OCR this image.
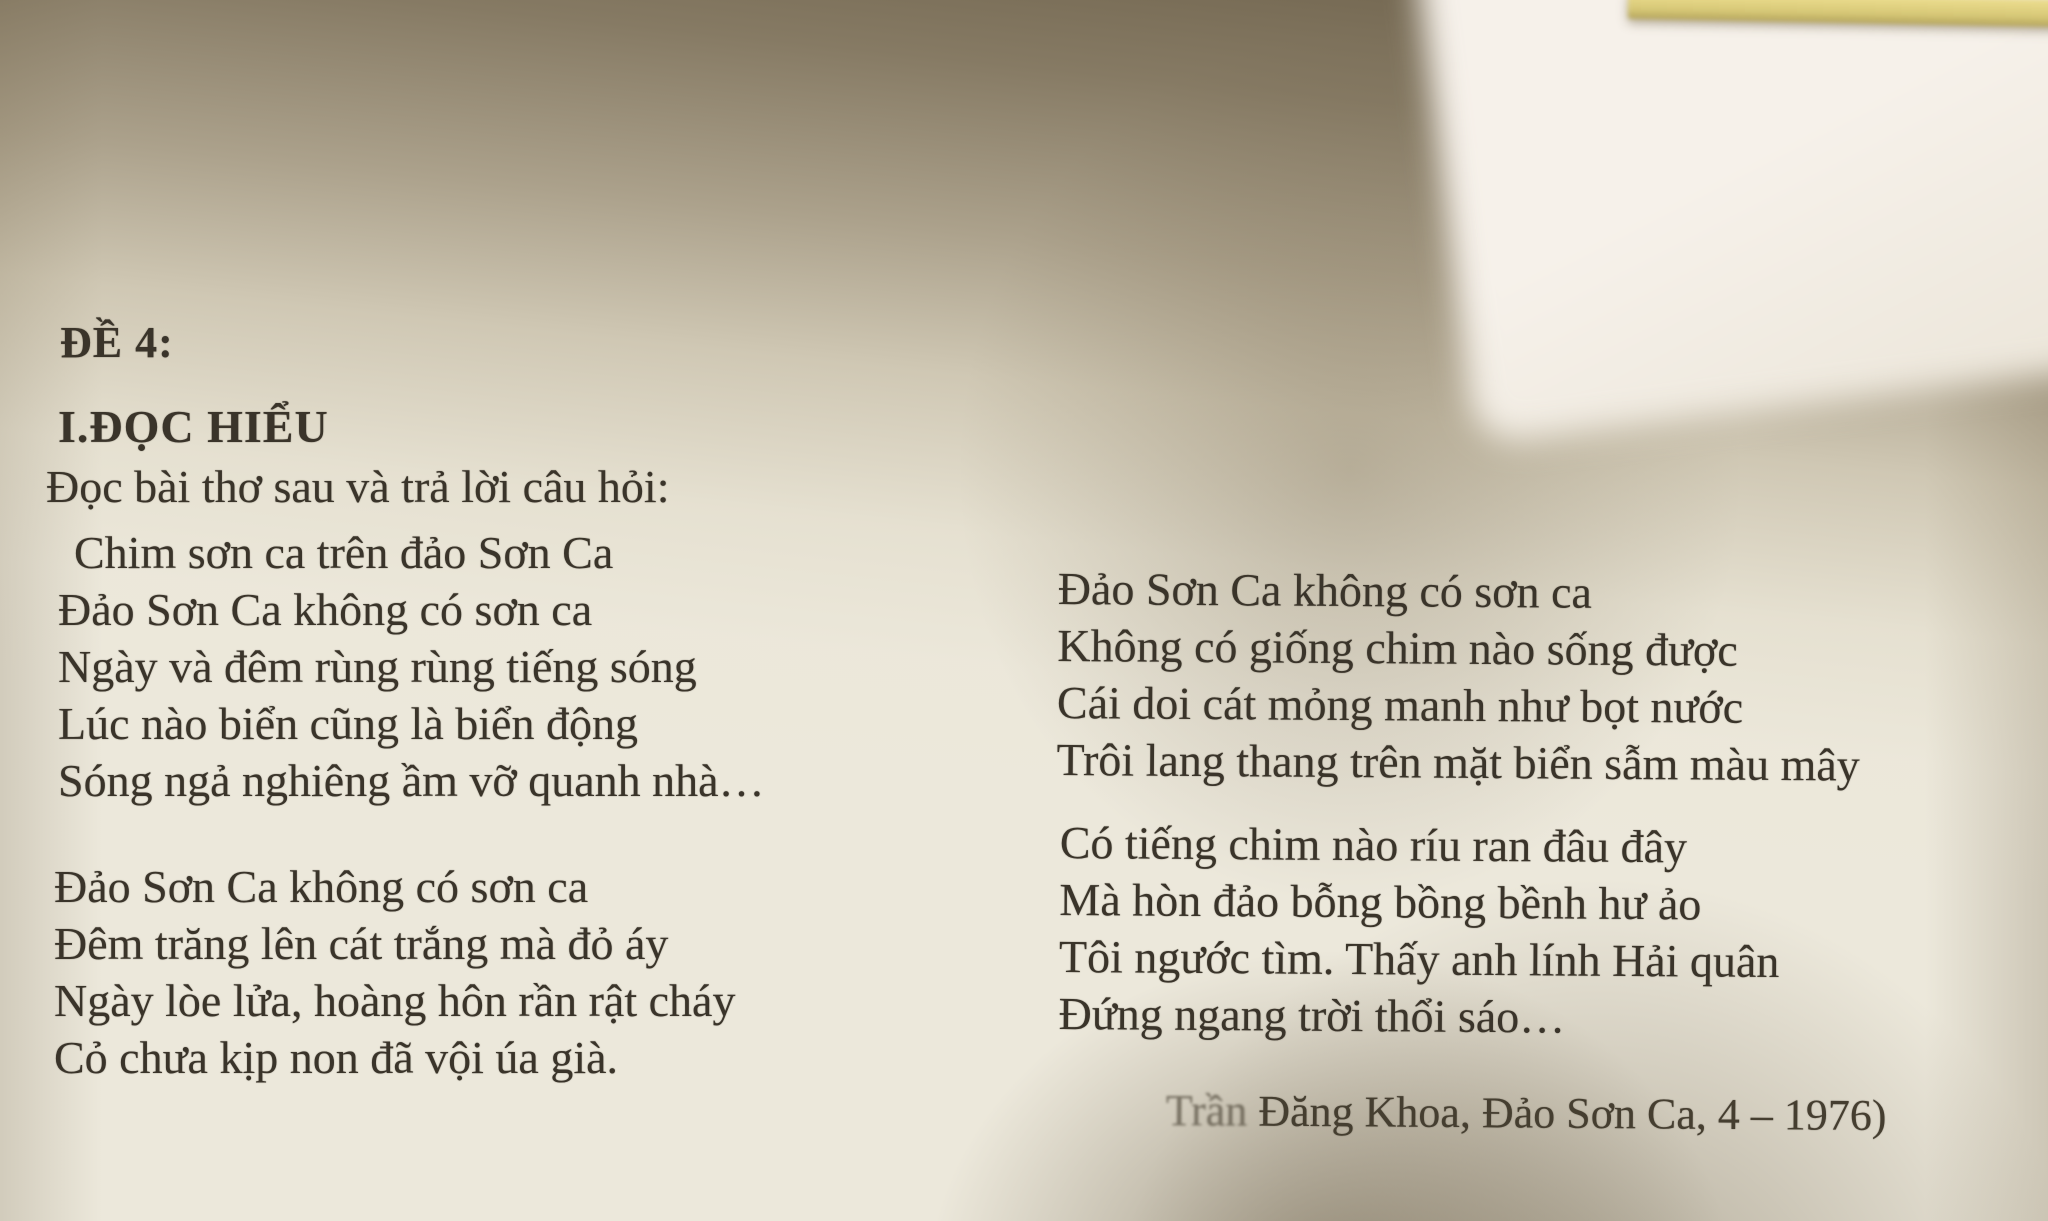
ĐỀ 4:
I.ĐỌC HIỂU
Đọc bài thơ sau và trả lời câu hỏi:
Chim sơn ca trên đảo Sơn Ca
Đảo Sơn Ca không có sơn ca
Ngày và đêm rùng rùng tiếng sóng
Lúc nào biển cũng là biển động
Sóng ngả nghiêng ầm vỡ quanh nhà…
Đảo Sơn Ca không có sơn ca
Đêm trăng lên cát trắng mà đỏ áy
Ngày lòe lửa, hoàng hôn rần rật cháy
Cỏ chưa kịp non đã vội úa già.
Đảo Sơn Ca không có sơn ca
Không có giống chim nào sống được
Cái doi cát mỏng manh như bọt nước
Trôi lang thang trên mặt biển sẫm màu mây
Có tiếng chim nào ríu ran đâu đây
Mà hòn đảo bỗng bồng bềnh hư ảo
Tôi ngước tìm. Thấy anh lính Hải quân
Đứng ngang trời thổi sáo…
Trần Đăng Khoa, Đảo Sơn Ca, 4 – 1976)
